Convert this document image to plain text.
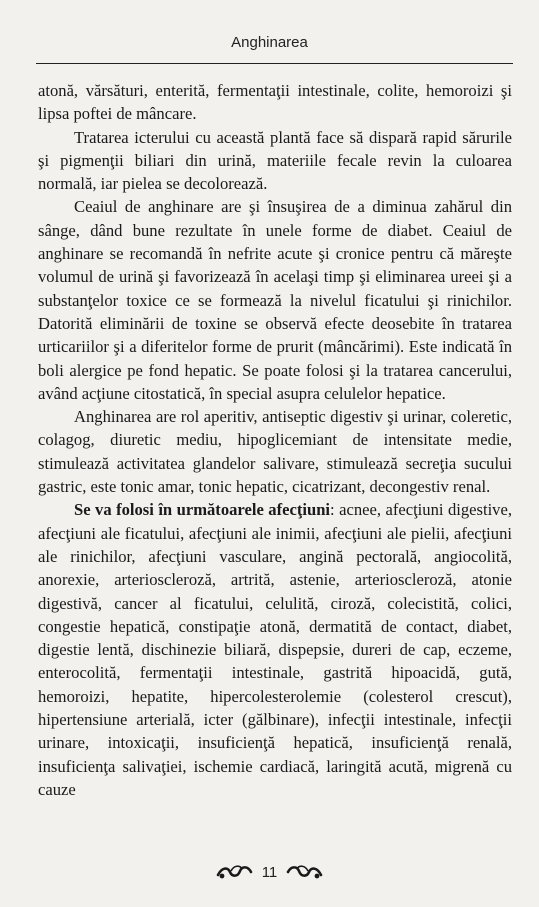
Anghinarea

atonă, vărsături, enterită, fermentaţii intestinale, colite, hemoroizi şi lipsa poftei de mâncare.

Tratarea icterului cu această plantă face să dispară rapid sărurile şi pigmenţii biliari din urină, materiile fecale revin la culoarea normală, iar pielea se decolorează.

Ceaiul de anghinare are şi însuşirea de a diminua zahărul din sânge, dând bune rezultate în unele forme de diabet. Ceaiul de anghinare se recomandă în nefrite acute şi cronice pentru că măreşte volumul de urină şi favorizează în acelaşi timp şi eliminarea ureei şi a substanţelor toxice ce se formează la nivelul ficatului şi rinichilor. Datorită eliminării de toxine se observă efecte deosebite în tratarea urticariilor şi a diferitelor forme de prurit (mâncărimi). Este indicată în boli alergice pe fond hepatic. Se poate folosi şi la tratarea cancerului, având acţiune citostatică, în special asupra celulelor hepatice.

Anghinarea are rol aperitiv, antiseptic digestiv şi urinar, coleretic, colagog, diuretic mediu, hipoglicemiant de intensitate medie, stimulează activitatea glandelor salivare, stimulează secreţia sucului gastric, este tonic amar, tonic hepatic, cicatrizant, decongestiv renal.

Se va folosi în următoarele afecţiuni: acnee, afecţiuni digestive, afecţiuni ale ficatului, afecţiuni ale inimii, afecţiuni ale pielii, afecţiuni ale rinichilor, afecţiuni vasculare, angină pectorală, angiocolită, anorexie, arterioscleroză, artrită, astenie, arterioscleroză, atonie digestivă, cancer al ficatului, celulită, ciroză, colecistită, colici, congestie hepatică, constipaţie atonă, dermatită de contact, diabet, digestie lentă, dischinezie biliară, dispepsie, dureri de cap, eczeme, enterocolită, fermentaţii intestinale, gastrită hipoacidă, gută, hemoroizi, hepatite, hipercolesterolemie (colesterol crescut), hipertensiune arterială, icter (gălbinare), infecţii intestinale, infecţii urinare, intoxicaţii, insuficienţă hepatică, insuficienţă renală, insuficienţa salivaţiei, ischemie cardiacă, laringită acută, migrenă cu cauze

11
